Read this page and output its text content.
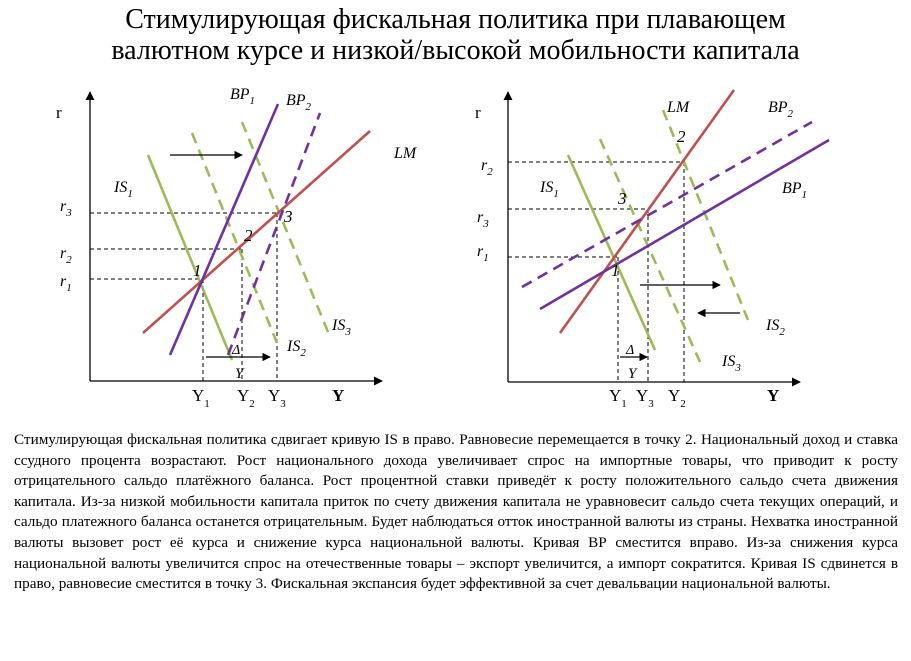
Стимулирующая фискальная политика при плавающем
валютном курсе и низкой/высокой мобильности капитала
r
Y
$r_3$
$r_2$
$r_1$
$Y_1$ $Y_2$ $Y_3$
$BP_1$ $BP_2$
LM
$IS_1$
$IS_2$
$IS_3$
1
2
3
Δ
Y
r
Y
$r_2$
$r_3$
$r_1$
$Y_1$ $Y_3$ $Y_2$
LM	$BP_2$
$BP_1$
$IS_1$
$IS_2$
$IS_3$
1
2
3
Δ
Y

Стимулирующая фискальная политика сдвигает кривую IS в право. Равновесие перемещается в точку 2. Национальный доход и ставка ссудного процента возрастают. Рост национального дохода увеличивает спрос на импортные товары, что приводит к росту отрицательного сальдо платёжного баланса. Рост процентной ставки приведёт к росту положительного сальдо счета движения капитала. Из-за низкой мобильности капитала приток по счету движения капитала не уравновесит сальдо счета текущих операций, и сальдо платежного баланса останется отрицательным. Будет наблюдаться отток иностранной валюты из страны. Нехватка иностранной валюты вызовет рост её курса и снижение курса национальной валюты. Кривая ВР сместится вправо. Из-за снижения курса национальной валюты увеличится спрос на отечественные товары – экспорт увеличится, а импорт сократится. Кривая IS сдвинется в право, равновесие сместится в точку 3. Фискальная экспансия будет эффективной за счет девальвации национальной валюты.
